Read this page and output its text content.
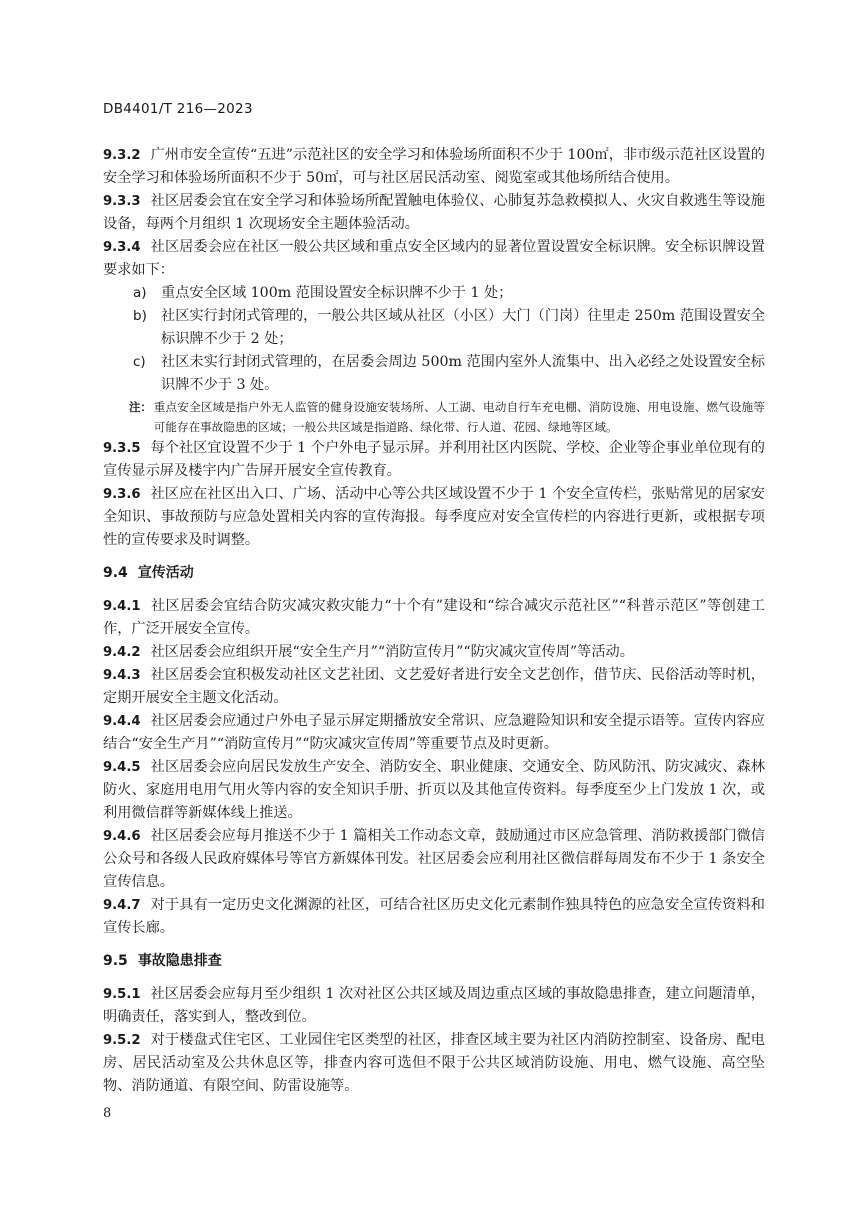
DB4401/T 216—2023

9.3.2 广州市安全宣传“五进”示范社区的安全学习和体验场所面积不少于 100㎡，非市级示范社区设置的安全学习和体验场所面积不少于 50㎡，可与社区居民活动室、阅览室或其他场所结合使用。

9.3.3 社区居委会宜在安全学习和体验场所配置触电体验仪、心肺复苏急救模拟人、火灾自救逃生等设施设备，每两个月组织 1 次现场安全主题体验活动。

9.3.4 社区居委会应在社区一般公共区域和重点安全区域内的显著位置设置安全标识牌。安全标识牌设置要求如下：

a)	重点安全区域 100m 范围设置安全标识牌不少于 1 处；
b) 社区实行封闭式管理的，一般公共区域从社区（小区）大门（门岗）往里走 250m 范围设置安全标识牌不少于 2 处；
c)	社区未实行封闭式管理的，在居委会周边 500m 范围内室外人流集中、出入必经之处设置安全标识牌不少于 3 处。
注： 重点安全区域是指户外无人监管的健身设施安装场所、人工湖、电动自行车充电棚、消防设施、用电设施、燃气设施等可能存在事故隐患的区域；一般公共区域是指道路、绿化带、行人道、花园、绿地等区域。

9.3.5 每个社区宜设置不少于 1 个户外电子显示屏。并利用社区内医院、学校、企业等企事业单位现有的宣传显示屏及楼宇内广告屏开展安全宣传教育。

9.3.6 社区应在社区出入口、广场、活动中心等公共区域设置不少于 1 个安全宣传栏，张贴常见的居家安全知识、事故预防与应急处置相关内容的宣传海报。每季度应对安全宣传栏的内容进行更新，或根据专项性的宣传要求及时调整。

9.4 宣传活动

9.4.1 社区居委会宜结合防灾减灾救灾能力“十个有”建设和“综合减灾示范社区”“科普示范区”等创建工作，广泛开展安全宣传。

9.4.2 社区居委会应组织开展“安全生产月”“消防宣传月”“防灾减灾宣传周”等活动。

9.4.3 社区居委会宜积极发动社区文艺社团、文艺爱好者进行安全文艺创作，借节庆、民俗活动等时机，定期开展安全主题文化活动。

9.4.4 社区居委会应通过户外电子显示屏定期播放安全常识、应急避险知识和安全提示语等。宣传内容应结合“安全生产月”“消防宣传月”“防灾减灾宣传周”等重要节点及时更新。

9.4.5 社区居委会应向居民发放生产安全、消防安全、职业健康、交通安全、防风防汛、防灾减灾、森林防火、家庭用电用气用火等内容的安全知识手册、折页以及其他宣传资料。每季度至少上门发放 1 次，或利用微信群等新媒体线上推送。

9.4.6 社区居委会应每月推送不少于 1 篇相关工作动态文章，鼓励通过市区应急管理、消防救援部门微信公众号和各级人民政府媒体号等官方新媒体刊发。社区居委会应利用社区微信群每周发布不少于 1 条安全宣传信息。

9.4.7 对于具有一定历史文化渊源的社区，可结合社区历史文化元素制作独具特色的应急安全宣传资料和宣传长廊。

9.5 事故隐患排查

9.5.1 社区居委会应每月至少组织 1 次对社区公共区域及周边重点区域的事故隐患排查，建立问题清单，明确责任，落实到人，整改到位。

9.5.2 对于楼盘式住宅区、工业园住宅区类型的社区，排查区域主要为社区内消防控制室、设备房、配电房、居民活动室及公共休息区等，排查内容可选但不限于公共区域消防设施、用电、燃气设施、高空坠物、消防通道、有限空间、防雷设施等。

8
